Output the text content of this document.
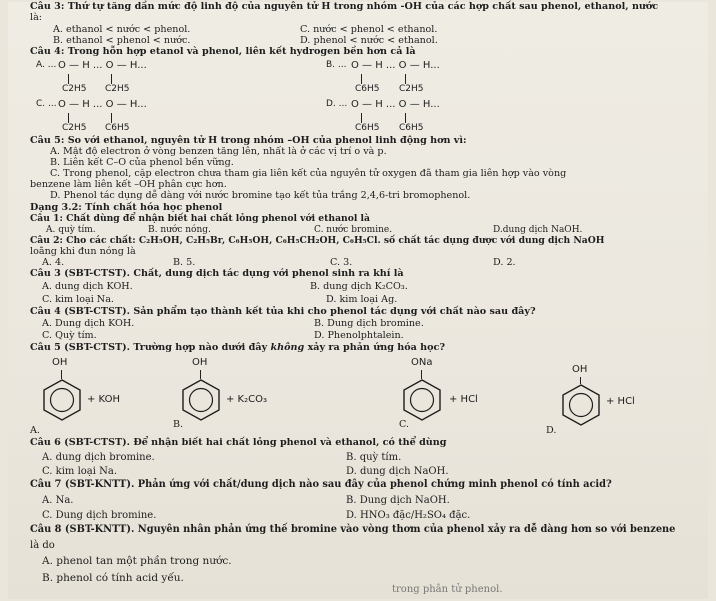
Câu 3: Thứ tự tăng dần mức độ linh độ của nguyên tử H trong nhóm -OH của các hợp chất sau phenol, ethanol, nước
là:
A. ethanol < nước < phenol.	C. nước < phenol < ethanol.
B. ethanol < phenol < nước.	D. phenol < nước < ethanol.
Câu 4: Trong hỗn hợp etanol và phenol, liên kết hydrogen bền hơn cả là
A. ... O — H ... O — H...
C2H5 C2H5
B. ... O — H ... O — H...
C6H5 C2H5
C. ... O — H ... O — H...
C2H5 C6H5
D. ... O — H ... O — H...
C6H5 C6H5
Câu 5: So với ethanol, nguyên tử H trong nhóm –OH của phenol linh động hơn vì:
A. Mật độ electron ở vòng benzen tăng lên, nhất là ở các vị trí o và p.
B. Liên kết C–O của phenol bền vững.
C. Trong phenol, cặp electron chưa tham gia liên kết của nguyên tử oxygen đã tham gia liên hợp vào vòng
benzene làm liên kết –OH phân cực hơn.
D. Phenol tác dụng dễ dàng với nước bromine tạo kết tủa trắng 2,4,6-tri bromophenol.
Dạng 3.2: Tính chất hóa học phenol
Câu 1: Chất dùng để nhận biết hai chất lỏng phenol với ethanol là
A. quỳ tím.	B. nước nóng.	C. nước bromine.	D.dung dịch NaOH.
Câu 2: Cho các chất: C₂H₅OH, C₂H₅Br, C₆H₅OH, C₆H₅CH₂OH, C₆H₅Cl. số chất tác dụng được với dung dịch NaOH
loãng khi đun nóng là
A. 4.	B. 5.	C. 3.	D. 2.
Câu 3 (SBT-CTST). Chất, dung dịch tác dụng với phenol sinh ra khí là
A. dung dịch KOH.	B. dung dịch K₂CO₃.
C. kim loại Na.	D. kim loại Ag.
Câu 4 (SBT-CTST). Sản phẩm tạo thành kết tủa khi cho phenol tác dụng với chất nào sau đây?
A. Dung dịch KOH.	B. Dung dịch bromine.
C. Quỳ tím.	D. Phenolphtalein.
Câu 5 (SBT-CTST). Trường hợp nào dưới đây không xảy ra phản ứng hóa học?
OH
+ KOH
A.
OH
+ K₂CO₃
B.
ONa
+ HCl
C.
OH
+ HCl
D.
Câu 6 (SBT-CTST). Để nhận biết hai chất lỏng phenol và ethanol, có thể dùng
A. dung dịch bromine.	B. quỳ tím.
C. kim loại Na.	D. dung dịch NaOH.
Câu 7 (SBT-KNTT). Phản ứng với chất/dung dịch nào sau đây của phenol chứng minh phenol có tính acid?
A. Na.	B. Dung dịch NaOH.
C. Dung dịch bromine.	D. HNO₃ đặc/H₂SO₄ đặc.
Câu 8 (SBT-KNTT). Nguyên nhân phản ứng thế bromine vào vòng thơm của phenol xảy ra dễ dàng hơn so với benzene
là do
A. phenol tan một phần trong nước.
B. phenol có tính acid yếu.
trong phân tử phenol.
